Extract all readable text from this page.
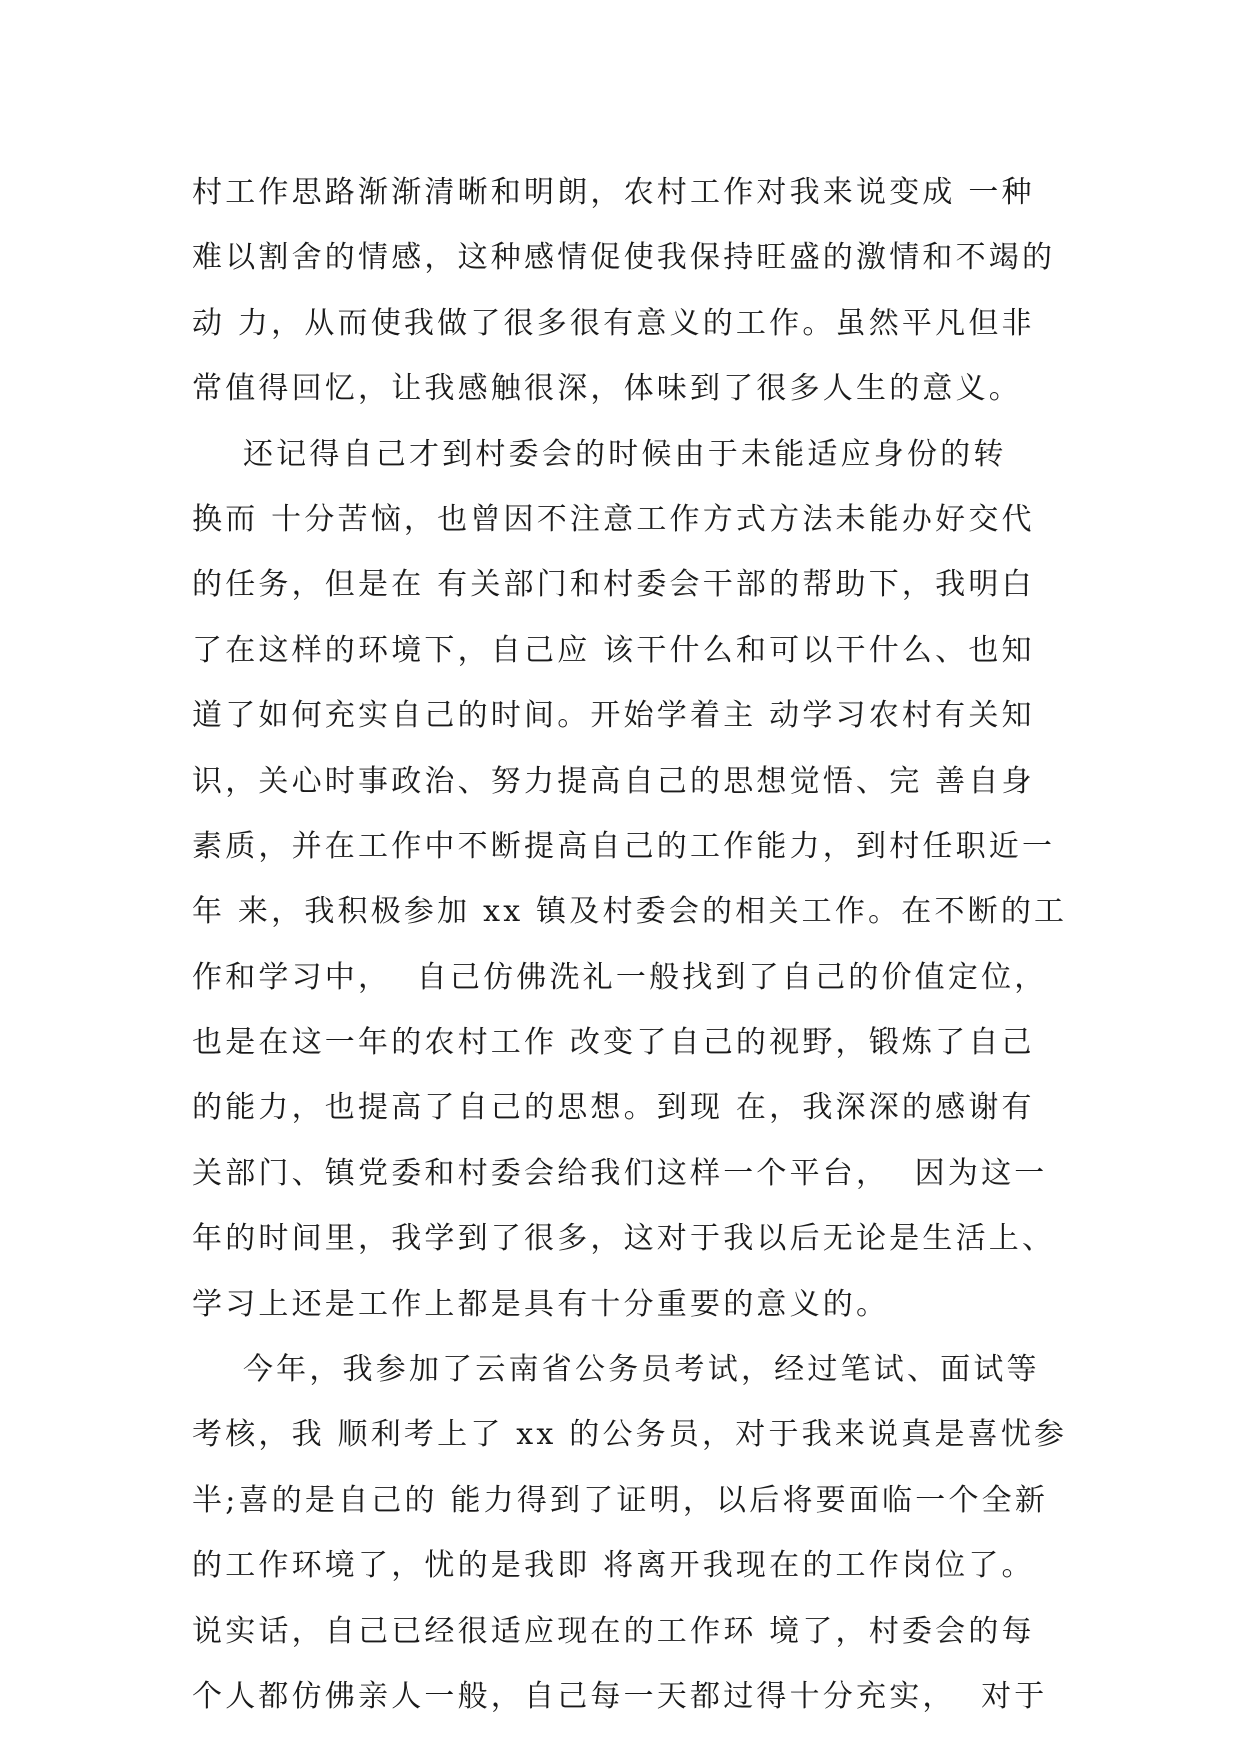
村工作思路渐渐清晰和明朗，农村工作对我来说变成 一种
难以割舍的情感，这种感情促使我保持旺盛的激情和不竭的
动 力，从而使我做了很多很有意义的工作。虽然平凡但非
常值得回忆，让我感触很深，体味到了很多人生的意义。
还记得自己才到村委会的时候由于未能适应身份的转
换而 十分苦恼，也曾因不注意工作方式方法未能办好交代
的任务，但是在 有关部门和村委会干部的帮助下，我明白
了在这样的环境下，自己应 该干什么和可以干什么、也知
道了如何充实自己的时间。开始学着主 动学习农村有关知
识，关心时事政治、努力提高自己的思想觉悟、完 善自身
素质，并在工作中不断提高自己的工作能力，到村任职近一
年 来，我积极参加 xx 镇及村委会的相关工作。在不断的工
作和学习中，  自己仿佛洗礼一般找到了自己的价值定位，
也是在这一年的农村工作 改变了自己的视野，锻炼了自己
的能力，也提高了自己的思想。到现 在，我深深的感谢有
关部门、镇党委和村委会给我们这样一个平台，  因为这一
年的时间里，我学到了很多，这对于我以后无论是生活上、
学习上还是工作上都是具有十分重要的意义的。
今年，我参加了云南省公务员考试，经过笔试、面试等
考核，我 顺利考上了 xx 的公务员，对于我来说真是喜忧参
半;喜的是自己的 能力得到了证明，以后将要面临一个全新
的工作环境了，忧的是我即 将离开我现在的工作岗位了。
说实话，自己已经很适应现在的工作环 境了，村委会的每
个人都仿佛亲人一般，自己每一天都过得十分充实，  对于
